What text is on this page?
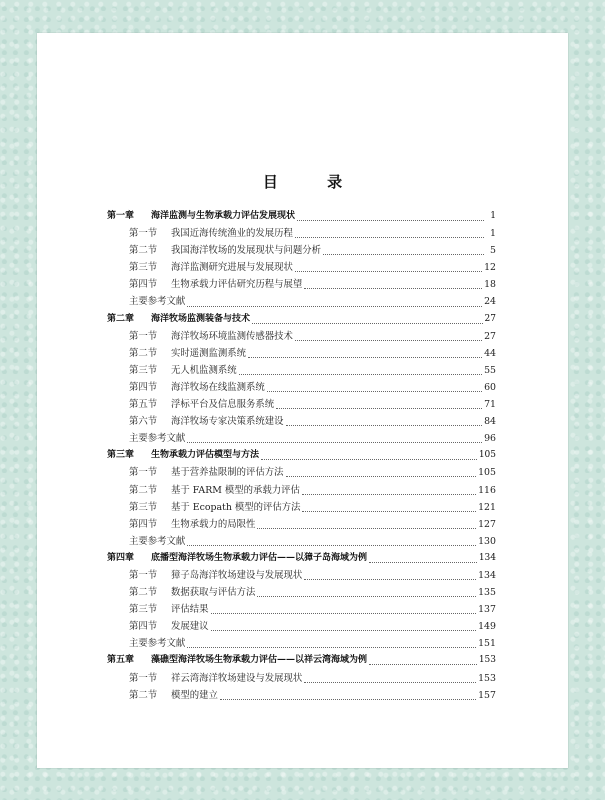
目 录
第一章	海洋监测与生物承载力评估发展现状	1
第一节	我国近海传统渔业的发展历程	1
第二节	我国海洋牧场的发展现状与问题分析	5
第三节	海洋监测研究进展与发展现状	12
第四节	生物承载力评估研究历程与展望	18
主要参考文献	24
第二章	海洋牧场监测装备与技术	27
第一节	海洋牧场环境监测传感器技术	27
第二节	实时遥测监测系统	44
第三节	无人机监测系统	55
第四节	海洋牧场在线监测系统	60
第五节	浮标平台及信息服务系统	71
第六节	海洋牧场专家决策系统建设	84
主要参考文献	96
第三章	生物承载力评估模型与方法	105
第一节	基于营养盐限制的评估方法	105
第二节	基于 FARM 模型的承载力评估	116
第三节	基于 Ecopath 模型的评估方法	121
第四节	生物承载力的局限性	127
主要参考文献	130
第四章	底播型海洋牧场生物承载力评估——以獐子岛海域为例	134
第一节	獐子岛海洋牧场建设与发展现状	134
第二节	数据获取与评估方法	135
第三节	评估结果	137
第四节	发展建议	149
主要参考文献	151
第五章	藻礁型海洋牧场生物承载力评估——以祥云湾海域为例	153
第一节	祥云湾海洋牧场建设与发展现状	153
第二节	模型的建立	157
